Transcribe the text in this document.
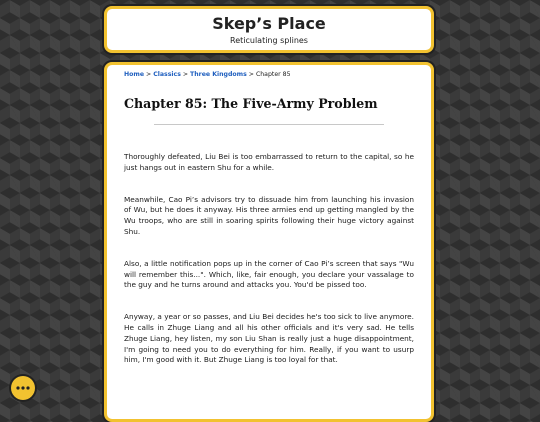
Skep’s Place
Reticulating splines
Home > Classics > Three Kingdoms > Chapter 85
Chapter 85: The Five-Army Problem

Thoroughly defeated, Liu Bei is too embarrassed to return to the capital, so he just hangs out in eastern Shu for a while.

Meanwhile, Cao Pi’s advisors try to dissuade him from launching his invasion of Wu, but he does it anyway. His three armies end up getting mangled by the Wu troops, who are still in soaring spirits following their huge victory against Shu.

Also, a little notification pops up in the corner of Cao Pi’s screen that says "Wu will remember this...". Which, like, fair enough, you declare your vassalage to the guy and he turns around and attacks you. You'd be pissed too.

Anyway, a year or so passes, and Liu Bei decides he's too sick to live anymore. He calls in Zhuge Liang and all his other officials and it's very sad. He tells Zhuge Liang, hey listen, my son Liu Shan is really just a huge disappointment, I'm going to need you to do everything for him. Really, if you want to usurp him, I'm good with it. But Zhuge Liang is too loyal for that.
